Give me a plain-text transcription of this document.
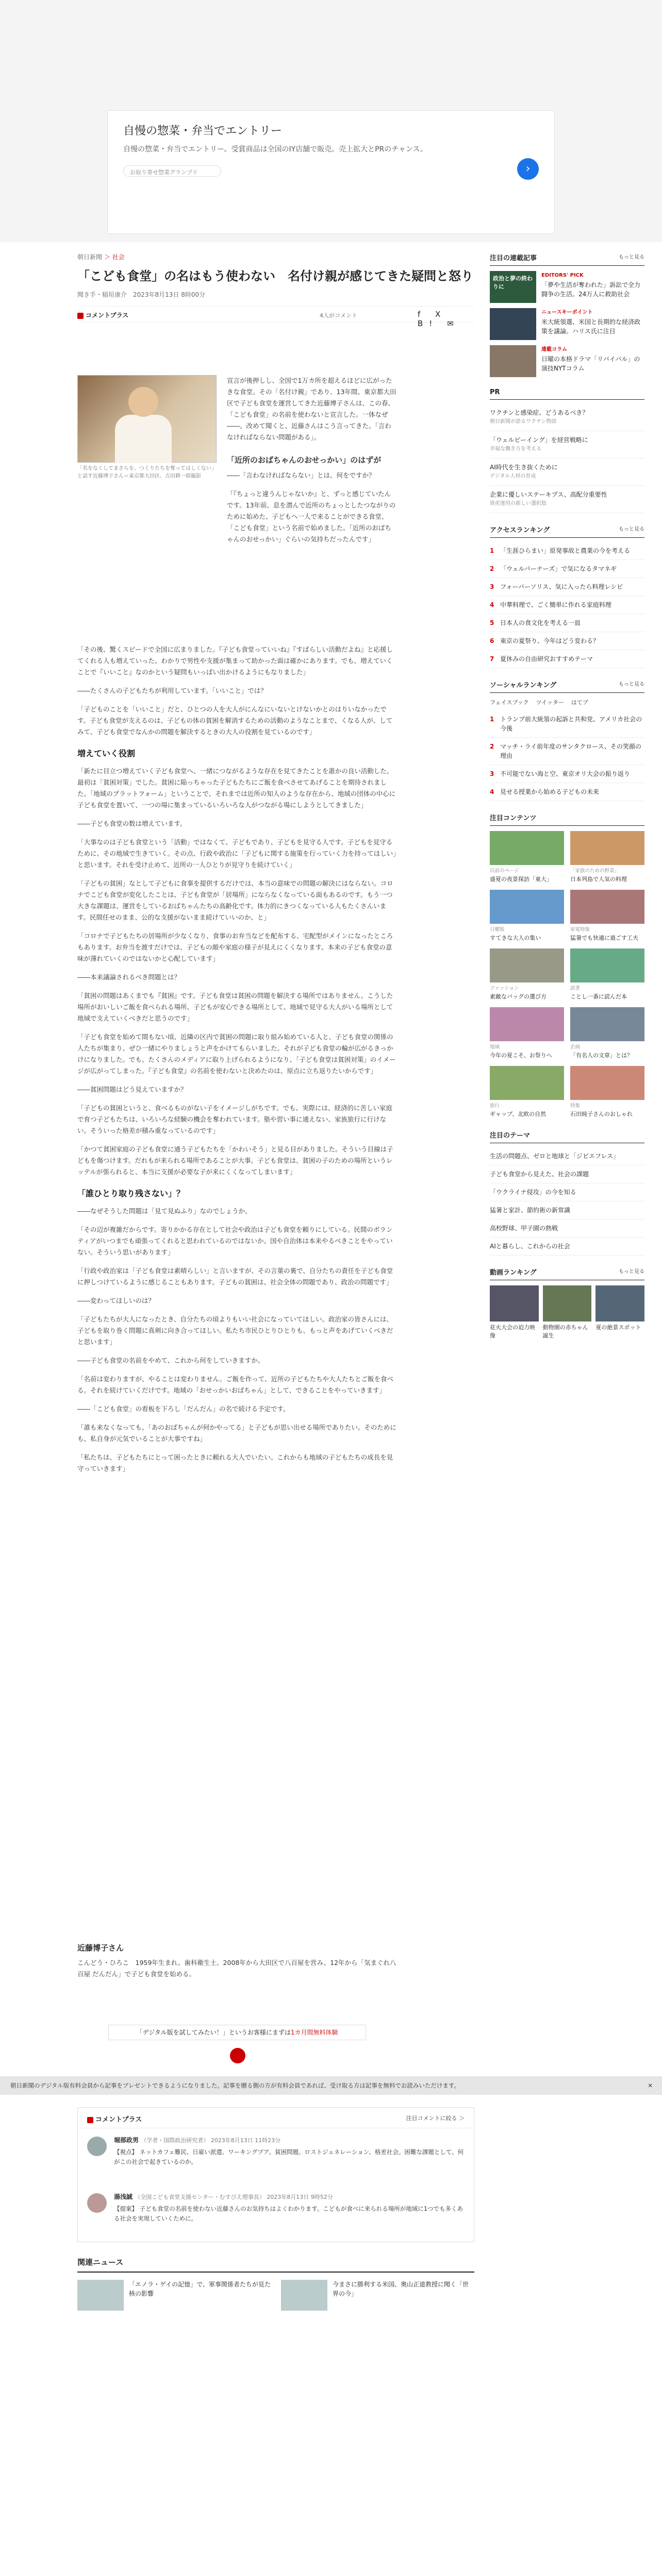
自慢の惣菜・弁当でエントリー
自慢の惣菜・弁当でエントリー。受賞商品は全国のIY店舗で販売。売上拡大とPRのチャンス。
お取り寄せ惣菜グランプリ	›
朝日新聞 ＞ 社会
「こども食堂」の名はもう使わない　名付け親が感じてきた疑問と怒り
聞き手・稲垣康介　2023年8月13日 8時00分
コメントプラス	4人がコメント	f X B! ✉
「名をなくしてまさらを、つくりたちを奪ってはしくない」と話す近藤博子さん＝東京都大田区、吉田耕一郎撮影

宣言が後押しし、全国で1万カ所を超えるほどに広がったきな食堂。その「名付け親」であり、13年間、東京都大田区で子ども食堂を運営してきた近藤博子さんは、この春、「こども食堂」の名前を使わないと宣言した。一体なぜ――。改めて聞くと、近藤さんはこう言ってきた。「言わなければならない問題がある」。

「近所のおばちゃんのおせっかい」のはずが

――「言わなければならない」とは、何をですか？

「『ちょっと違うんじゃないか』と、ずっと感じていたんです。13年前、息を潜んで近所のちょっとしたつながりのために始めた、子どもへ一人で来ることができる食堂、「こども食堂」という名前で始めました。「近所のおばちゃんのおせっかい」ぐらいの気持ちだったんです」

「その後、驚くスピードで全国に広まりました。『子ども食堂っていいね』『すばらしい活動だよね』と応援してくれる人も増えていった。わかりで男性や支援が集まって助かった面は確かにあります。でも、増えていくことで『いいこと』なのかという疑問もいっぱい出かけるようにもなりました」

――たくさんの子どもたちが利用しています。「いいこと」では？

「子どものことを「いいこと」だと、ひとつの人を大人がにんなにいないとけないかとのはりいなかったです。子ども食堂が支えるのは、子どもの体の貧困を解消するための活動のようなことまで、くなる人が、してみて、子ども食堂でなんかの問題を解決するときの大人の役割を見ているのです」

増えていく役割

「新たに目立つ増えていく子ども食堂へ、一緒につながるような存在を見てきたことを誰かの良い活動した。最初は「貧困対策」でした。貧困に陥っちゃった子どもたちにご飯を食べさせてあげることを期待されました。「地域のプラットフォーム」ということで、それまでは近所の知人のような存在から、地域の団体の中心に子ども食堂を置いて、一つの場に集まっているいろいろな人がつながる場にしようとしてきました」

――子ども食堂の数は増えています。

「大事なのは子ども食堂という「活動」ではなくて、子どもであり、子どもを見守る人です。子どもを見守るために、その地域で生きていく。その点、行政や政治に「子どもに関する施策を行っていく力を持ってほしい」と思います。それを受け止めて、近所の一人ひとりが見守りを続けていく」

「子どもの貧困」なとして子どもに食事を提供するだけでは、本当の意味での問題の解決にはならない。コロナでこども食堂が変化したことは、子ども食堂が「居場所」にならなくなっている面もあるのです。もう一つ大きな課題は、運営をしているおばちゃんたちの高齢化です。体力的にきつくなっている人もたくさんいます。民間任せのまま、公的な支援がないまま続けていいのか、と」

「コロナで子どもたちの居場所が少なくなり、食事のお弁当などを配布する、宅配型がメインになったところもあります。お弁当を渡すだけでは、子どもの顔や家庭の様子が見えにくくなります。本来の子ども食堂の意味が薄れていくのではないかと心配しています」

――本来議論されるべき問題とは？

「貧困の問題はあくまでも『貧困』です。子ども食堂は貧困の問題を解決する場所ではありません。こうした場所がおいしいご飯を食べられる場所、子どもが安心できる場所として、地域で見守る大人がいる場所として地域で支えていくべきだと思うのです」

「子ども食堂を始めて間もない頃、近隣の区内で貧困の問題に取り組み始めている人と、子ども食堂の関係の人たちが集まり、ぜひ一緒にやりましょうと声をかけてもらいました。それが子ども食堂の輪が広がるきっかけになりました。でも、たくさんのメディアに取り上げられるようになり、「子ども食堂は貧困対策」のイメージが広がってしまった。『子ども食堂』の名前を使わないと決めたのは、原点に立ち返りたいからです」

――貧困問題はどう見えていますか？

「子どもの貧困というと、食べるものがない子をイメージしがちです。でも、実際には、経済的に苦しい家庭で育つ子どもたちは、いろいろな経験の機会を奪われています。塾や習い事に通えない、家族旅行に行けない。そういった格差が積み重なっているのです」

「かつて貧困家庭の子ども食堂に通う子どもたちを「かわいそう」と見る目がありました。そういう目線は子どもを傷つけます。だれもが来られる場所であることが大事。子ども食堂は、貧困の子のための場所というレッテルが張られると、本当に支援が必要な子が来にくくなってしまいます」

「誰ひとり取り残さない」？

――なぜそうした問題は「見て見ぬふり」なのでしょうか。

「その辺が複雑だからです。寄りかかる存在として社会や政治は子ども食堂を頼りにしている。民間のボランティアがいつまでも頑張ってくれると思われているのではないか。国や自治体は本来やるべきことをやっていない。そういう思いがあります」

「行政や政治家は「子ども食堂は素晴らしい」と言いますが、その言葉の裏で、自分たちの責任を子ども食堂に押しつけているように感じることもあります。子どもの貧困は、社会全体の問題であり、政治の問題です」

――変わってほしいのは？

「子どもたちが大人になったとき、自分たちの頃よりもいい社会になっていてほしい。政治家の皆さんには、子どもを取り巻く問題に真剣に向き合ってほしい。私たち市民ひとりひとりも、もっと声をあげていくべきだと思います」

――子ども食堂の名前をやめて、これから何をしていきますか。

「名前は変わりますが、やることは変わりません。ご飯を作って、近所の子どもたちや大人たちとご飯を食べる。それを続けていくだけです。地域の「おせっかいおばちゃん」として、できることをやっていきます」

――「こども食堂」の看板を下ろし「だんだん」の名で続ける予定です。

「誰も来なくなっても、「あのおばちゃんが何かやってる」と子どもが思い出せる場所でありたい。そのためにも、私自身が元気でいることが大事ですね」

「私たちは、子どもたちにとって困ったときに頼れる大人でいたい。これからも地域の子どもたちの成長を見守っていきます」

近藤博子さん

こんどう・ひろこ　1959年生まれ。歯科衛生士。2008年から大田区で八百屋を営み、12年から「気まぐれ八百屋 だんだん」で子ども食堂を始める。

「デジタル版を試してみたい！」というお客様にまずは1カ月間無料体験
朝日新聞のデジタル版有料会員から記事をプレゼントできるようになりました。記事を贈る側の方が有料会員であれば、受け取る方は記事を無料でお読みいただけます。	✕
コメントプラス	注目コメントに絞る ＞
堀部政男 （学者・国際政治研究者） 2023年8月13日 11時23分
【視点】 ネットカフェ難民、日雇い派遣、ワーキングプア、貧困問題。ロストジェネレーション、格差社会。困難な課題として、何がこの社会で起きているのか。
湯浅誠 （全国こども食堂支援センター・むすびえ理事長） 2023年8月13日 9時52分
【提案】 子ども食堂の名前を使わない近藤さんのお気持ちはよくわかります。こどもが食べに来られる場所が地域に1つでも多くある社会を実現していくために。
関連ニュース
「エノラ・ゲイの記憶」で、軍事関係者たちが見た核の影響
今まさに勝利する米国、奥山正道教授に聞く「世界の今」
注目の連載記事	もっと見る
政治と夢の終わりに
EDITORS' PICK
「夢や生活が奪われた」訴訟で全力闘争の生活。24万人に救助社会
ニュースキーポイント
米大統領選、米国と長期的な経済政策を議論。ハリス氏に注目
連載コラム
日曜の本格ドラマ「リバイバル」の演技NYTコラム
PR
ワクチンと感染症、どうあるべき？
朝日新聞が語るワクチン物語
「ウェルビーイング」を経営戦略に
幸福な働き方を考える
AI時代を生き抜くために
デジタル人材の育成
企業に優しいステーキプス、高配分重要性
資産運用の新しい選択肢
アクセスランキング	もっと見る
1 「生涯ひらまい」原発事故と農業の今を考える
2 「ウェルパーナーズ」で気になるタマネギ
3 フォーバーソリス、気に入ったら料理レシピ
4 中華料理で、ごく簡単に作れる家庭料理
5 日本人の食文化を考える一皿
6 東京の夏祭り、今年はどう変わる？
7 夏休みの自由研究おすすめテーマ
ソーシャルランキング	もっと見る
フェイスブック ツイッター はてブ
1 トランプ前大統領の起訴と共和党、アメリカ社会の今後
2 マッチ・ライ前年度のサンタクロース、その笑顔の理由
3 不可能でない海と空、東京オリ大会の振り返り
4 見せる授業から始める子どもの未来
注目コンテンツ
以前のページ
盛夏の夜景探訪「東大」
「家族のための野菜」
日本列島で人気の料理
日曜版
すてきな大人の集い
家電特集
猛暑でも快適に過ごす工夫
ファッション
素敵なバッグの選び方
読書
ことし一番に読んだ本
地域
今年の夏こそ、お祭りへ
企画
「有名人の文章」とは？
旅行
ギャップ、北欧の自然
特集
石田純子さんのおしゃれ
注目のテーマ
生活の問題点、ゼロと地球と「ジビエフレス」
子ども食堂から見えた、社会の課題
「ウクライナ侵攻」の今を知る
猛暑と家計、節約術の新常識
高校野球、甲子園の熱戦
AIと暮らし、これからの社会
動画ランキング	もっと見る
花火大会の迫力映像
動物園の赤ちゃん誕生
夏の絶景スポット
